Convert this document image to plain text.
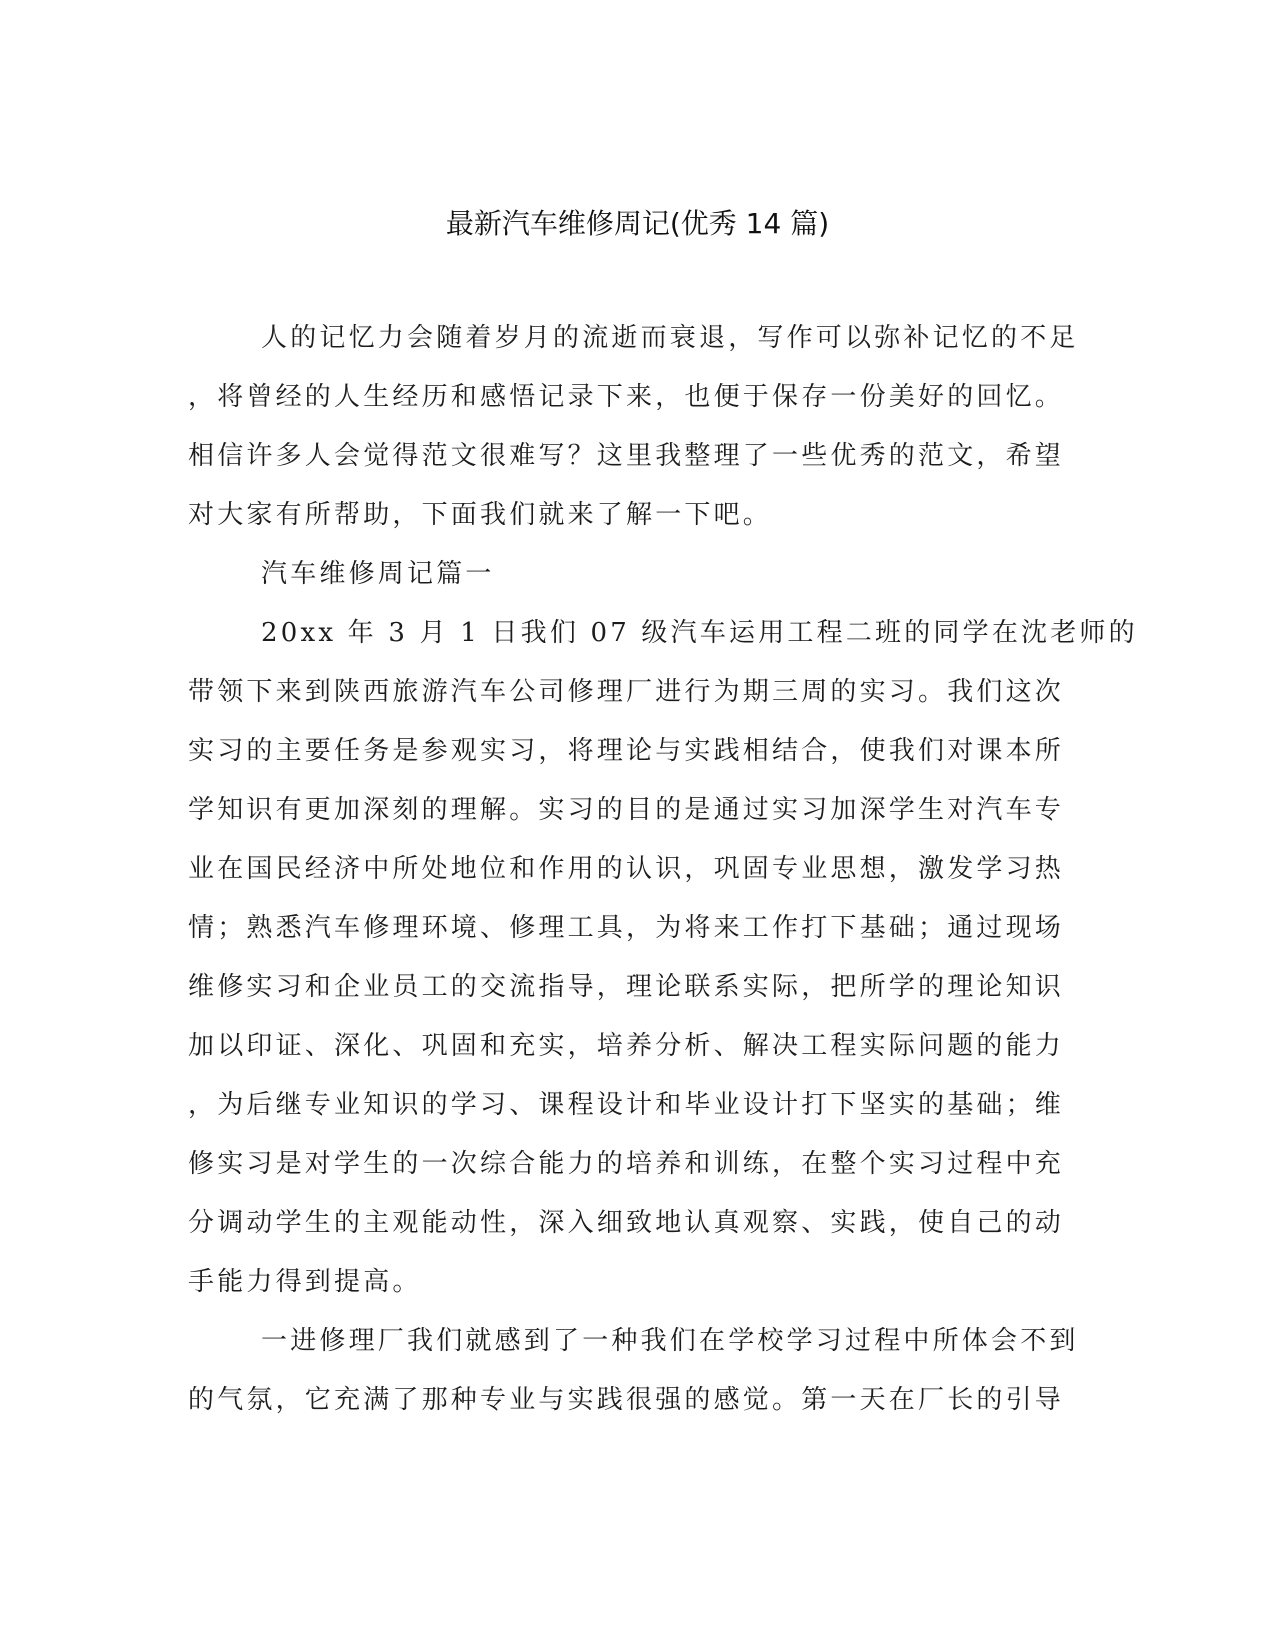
最新汽车维修周记(优秀 14 篇)
人的记忆力会随着岁月的流逝而衰退，写作可以弥补记忆的不足
，将曾经的人生经历和感悟记录下来，也便于保存一份美好的回忆。
相信许多人会觉得范文很难写？这里我整理了一些优秀的范文，希望
对大家有所帮助，下面我们就来了解一下吧。
汽车维修周记篇一
20xx 年 3 月 1 日我们 07 级汽车运用工程二班的同学在沈老师的
带领下来到陕西旅游汽车公司修理厂进行为期三周的实习。我们这次
实习的主要任务是参观实习，将理论与实践相结合，使我们对课本所
学知识有更加深刻的理解。实习的目的是通过实习加深学生对汽车专
业在国民经济中所处地位和作用的认识，巩固专业思想，激发学习热
情；熟悉汽车修理环境、修理工具，为将来工作打下基础；通过现场
维修实习和企业员工的交流指导，理论联系实际，把所学的理论知识
加以印证、深化、巩固和充实，培养分析、解决工程实际问题的能力
，为后继专业知识的学习、课程设计和毕业设计打下坚实的基础；维
修实习是对学生的一次综合能力的培养和训练，在整个实习过程中充
分调动学生的主观能动性，深入细致地认真观察、实践，使自己的动
手能力得到提高。
一进修理厂我们就感到了一种我们在学校学习过程中所体会不到
的气氛，它充满了那种专业与实践很强的感觉。第一天在厂长的引导
